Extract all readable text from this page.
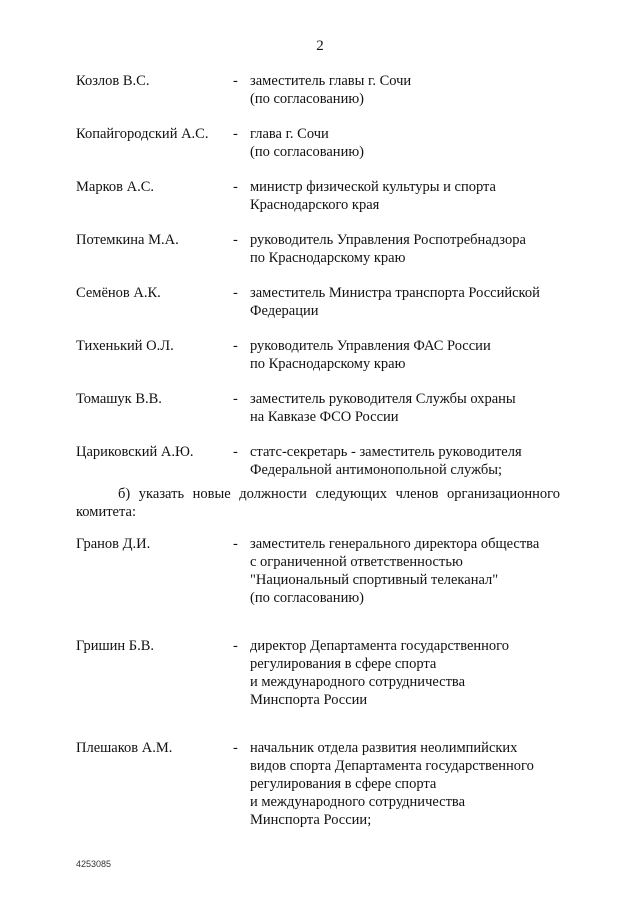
2
Козлов В.С.	- заместитель главы г. Сочи
(по согласованию)
Копайгородский А.С.	- глава г. Сочи
(по согласованию)
Марков А.С.	- министр физической культуры и спорта
Краснодарского края
Потемкина М.А.	- руководитель Управления Роспотребнадзора
по Краснодарскому краю
Семёнов А.К.	- заместитель Министра транспорта Российской
Федерации
Тихенький О.Л.	- руководитель Управления ФАС России
по Краснодарскому краю
Томашук В.В.	- заместитель руководителя Службы охраны
на Кавказе ФСО России
Цариковский А.Ю.	- статс-секретарь - заместитель руководителя
Федеральной антимонопольной службы;
б) указать новые должности следующих членов организационного комитета:
Гранов Д.И.	- заместитель генерального директора общества
с ограниченной ответственностью
"Национальный спортивный телеканал"
(по согласованию)
Гришин Б.В.	- директор Департамента государственного
регулирования в сфере спорта
и международного сотрудничества
Минспорта России
Плешаков А.М.	- начальник отдела развития неолимпийских
видов спорта Департамента государственного
регулирования в сфере спорта
и международного сотрудничества
Минспорта России;
4253085
